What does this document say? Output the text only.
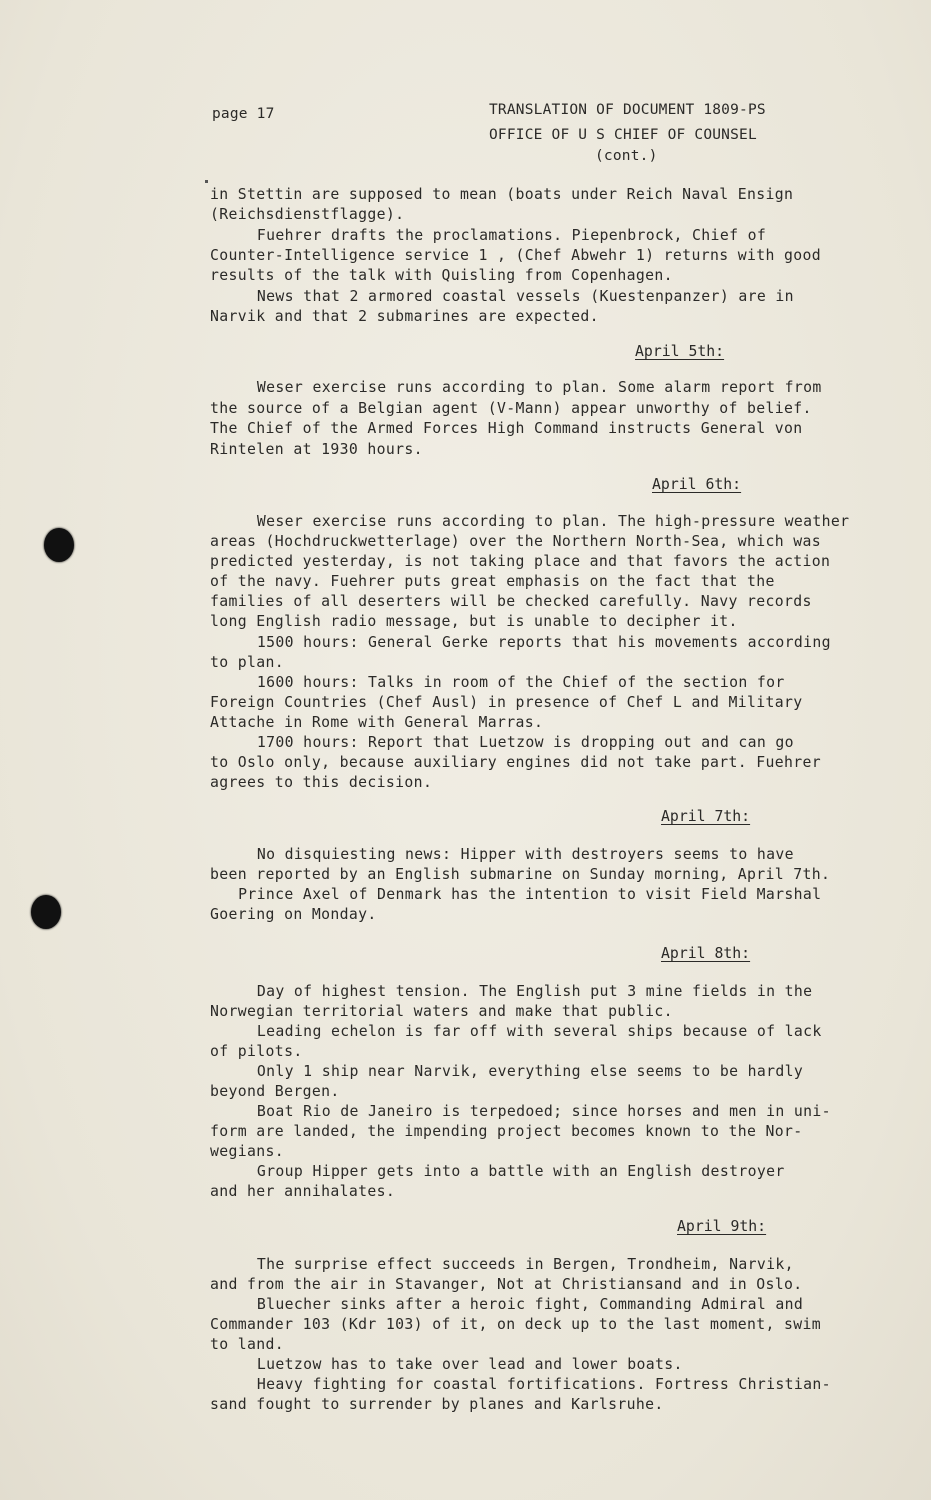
page 17	TRANSLATION OF DOCUMENT 1809-PS
OFFICE OF U S CHIEF OF COUNSEL
(cont.)
in Stettin are supposed to mean (boats under Reich Naval Ensign
(Reichsdienstflagge).
Fuehrer drafts the proclamations. Piepenbrock, Chief of
Counter-Intelligence service 1 , (Chef Abwehr 1) returns with good
results of the talk with Quisling from Copenhagen.
News that 2 armored coastal vessels (Kuestenpanzer) are in
Narvik and that 2 submarines are expected.
April 5th:
Weser exercise runs according to plan. Some alarm report from
the source of a Belgian agent (V-Mann) appear unworthy of belief.
The Chief of the Armed Forces High Command instructs General von
Rintelen at 1930 hours.
April 6th:
Weser exercise runs according to plan. The high-pressure weather
areas (Hochdruckwetterlage) over the Northern North-Sea, which was
predicted yesterday, is not taking place and that favors the action
of the navy. Fuehrer puts great emphasis on the fact that the
families of all deserters will be checked carefully. Navy records
long English radio message, but is unable to decipher it.
1500 hours: General Gerke reports that his movements according
to plan.
1600 hours: Talks in room of the Chief of the section for
Foreign Countries (Chef Ausl) in presence of Chef L and Military
Attache in Rome with General Marras.
1700 hours: Report that Luetzow is dropping out and can go
to Oslo only, because auxiliary engines did not take part. Fuehrer
agrees to this decision.
April 7th:
No disquiesting news: Hipper with destroyers seems to have
been reported by an English submarine on Sunday morning, April 7th.
Prince Axel of Denmark has the intention to visit Field Marshal
Goering on Monday.
April 8th:
Day of highest tension. The English put 3 mine fields in the
Norwegian territorial waters and make that public.
Leading echelon is far off with several ships because of lack
of pilots.
Only 1 ship near Narvik, everything else seems to be hardly
beyond Bergen.
Boat Rio de Janeiro is terpedoed; since horses and men in uni-
form are landed, the impending project becomes known to the Nor-
wegians.
Group Hipper gets into a battle with an English destroyer
and her annihalates.
April 9th:
The surprise effect succeeds in Bergen, Trondheim, Narvik,
and from the air in Stavanger, Not at Christiansand and in Oslo.
Bluecher sinks after a heroic fight, Commanding Admiral and
Commander 103 (Kdr 103) of it, on deck up to the last moment, swim
to land.
Luetzow has to take over lead and lower boats.
Heavy fighting for coastal fortifications. Fortress Christian-
sand fought to surrender by planes and Karlsruhe.
